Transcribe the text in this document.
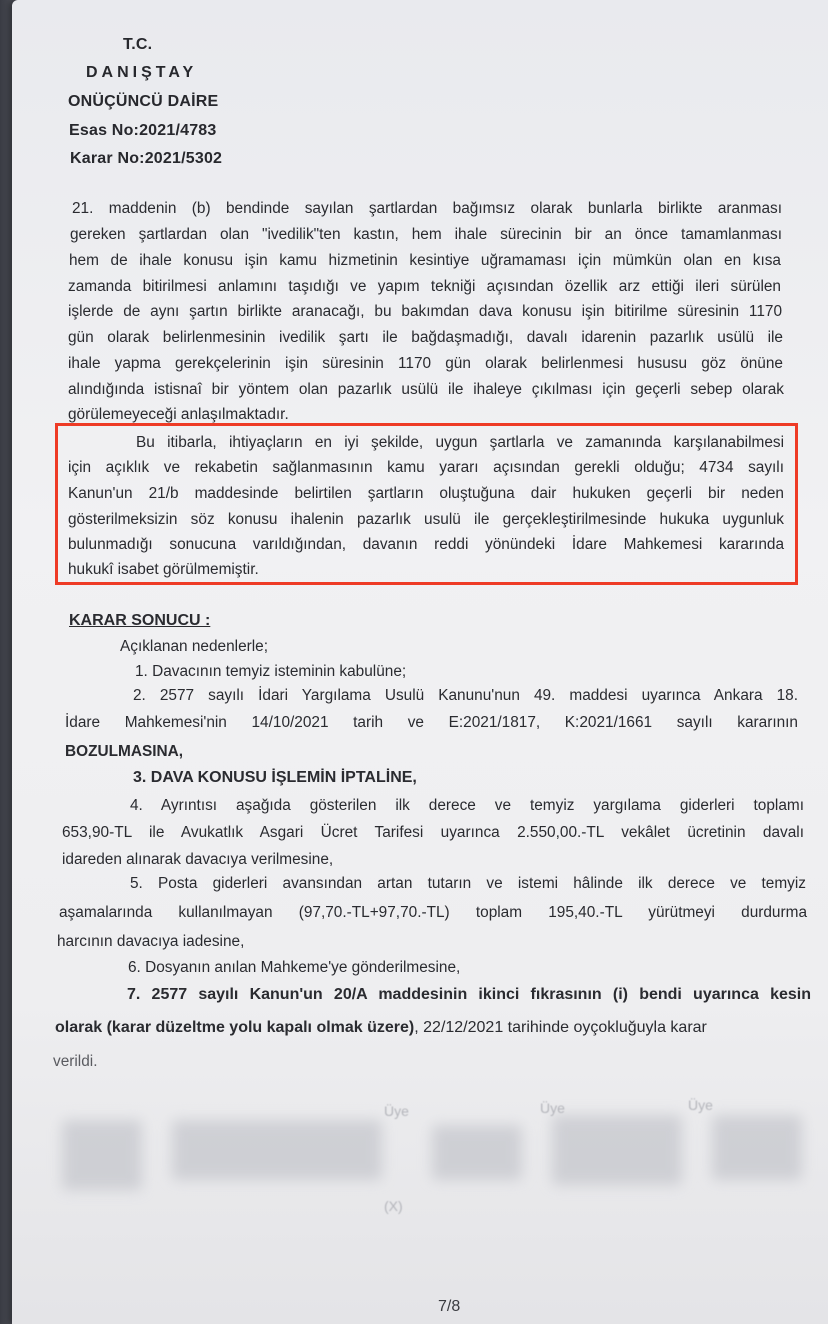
T.C.
DANIŞTAY
ONÜÇÜNCÜ DAİRE
Esas No:2021/4783
Karar No:2021/5302
21. maddenin (b) bendinde sayılan şartlardan bağımsız olarak bunlarla birlikte aranması
gereken şartlardan olan "ivedilik"ten kastın, hem ihale sürecinin bir an önce tamamlanması
hem de ihale konusu işin kamu hizmetinin kesintiye uğramaması için mümkün olan en kısa
zamanda bitirilmesi anlamını taşıdığı ve yapım tekniği açısından özellik arz ettiği ileri sürülen
işlerde de aynı şartın birlikte aranacağı, bu bakımdan dava konusu işin bitirilme süresinin 1170
gün olarak belirlenmesinin ivedilik şartı ile bağdaşmadığı, davalı idarenin pazarlık usülü ile
ihale yapma gerekçelerinin işin süresinin 1170 gün olarak belirlenmesi hususu göz önüne
alındığında istisnaî bir yöntem olan pazarlık usülü ile ihaleye çıkılması için geçerli sebep olarak
görülemeyeceği anlaşılmaktadır.
Bu itibarla, ihtiyaçların en iyi şekilde, uygun şartlarla ve zamanında karşılanabilmesi
için açıklık ve rekabetin sağlanmasının kamu yararı açısından gerekli olduğu; 4734 sayılı
Kanun'un 21/b maddesinde belirtilen şartların oluştuğuna dair hukuken geçerli bir neden
gösterilmeksizin söz konusu ihalenin pazarlık usulü ile gerçekleştirilmesinde hukuka uygunluk
bulunmadığı sonucuna varıldığından, davanın reddi yönündeki İdare Mahkemesi kararında
hukukî isabet görülmemiştir.
KARAR SONUCU :
Açıklanan nedenlerle;
1. Davacının temyiz isteminin kabulüne;
2. 2577 sayılı İdari Yargılama Usulü Kanunu'nun 49. maddesi uyarınca Ankara 18.
İdare Mahkemesi'nin 14/10/2021 tarih ve E:2021/1817, K:2021/1661 sayılı kararının
BOZULMASINA,
3. DAVA KONUSU İŞLEMİN İPTALİNE,
4. Ayrıntısı aşağıda gösterilen ilk derece ve temyiz yargılama giderleri toplamı
653,90-TL ile Avukatlık Asgari Ücret Tarifesi uyarınca 2.550,00.-TL vekâlet ücretinin davalı
idareden alınarak davacıya verilmesine,
5. Posta giderleri avansından artan tutarın ve istemi hâlinde ilk derece ve temyiz
aşamalarında kullanılmayan (97,70.-TL+97,70.-TL) toplam 195,40.-TL yürütmeyi durdurma
harcının davacıya iadesine,
6. Dosyanın anılan Mahkeme'ye gönderilmesine,
7. 2577 sayılı Kanun'un 20/A maddesinin ikinci fıkrasının (i) bendi uyarınca kesin
olarak (karar düzeltme yolu kapalı olmak üzere), 22/12/2021 tarihinde oyçokluğuyla karar
verildi.
Üye	Üye	Üye
(X)
7/8
